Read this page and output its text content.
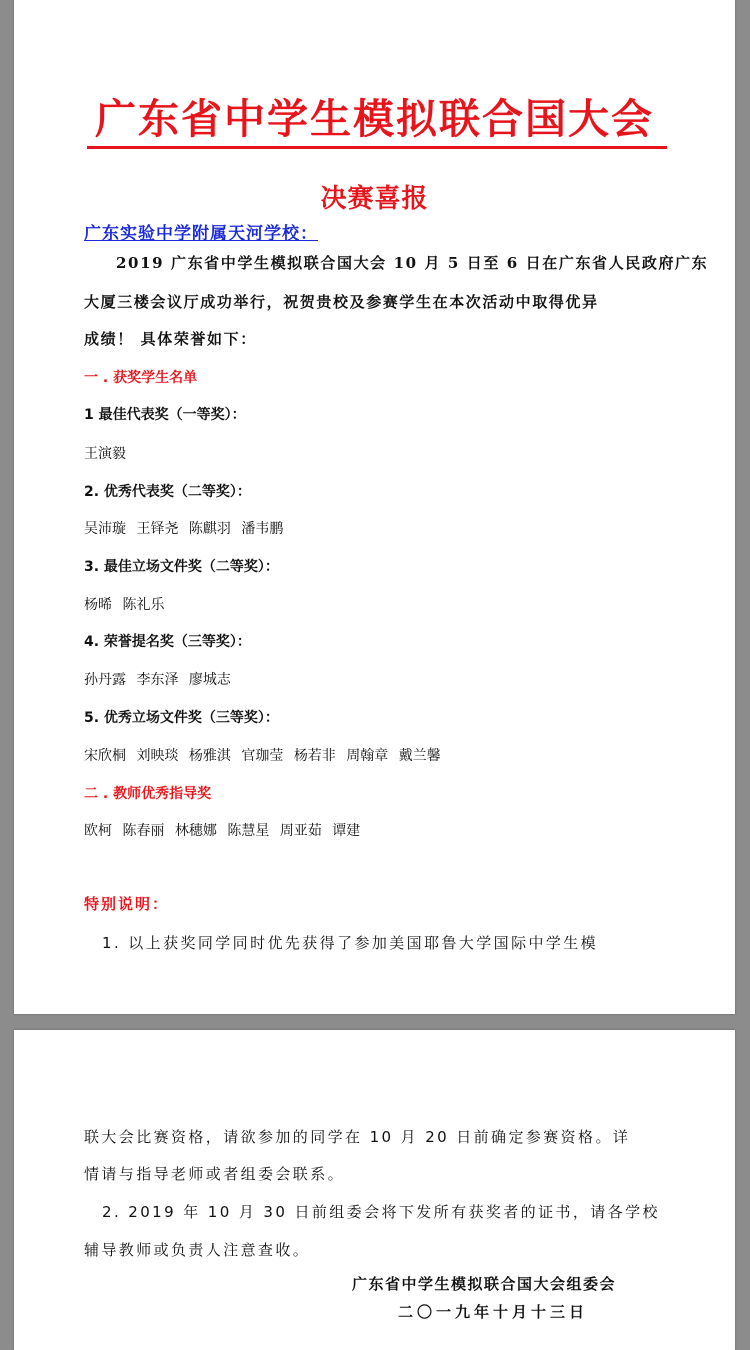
广东省中学生模拟联合国大会
决赛喜报
广东实验中学附属天河学校：
2019 广东省中学生模拟联合国大会 10 月 5 日至 6 日在广东省人民政府广东
大厦三楼会议厅成功举行，祝贺贵校及参赛学生在本次活动中取得优异
成绩！ 具体荣誉如下：
一 . 获奖学生名单
1 最佳代表奖（一等奖）：
王演毅
2. 优秀代表奖（二等奖）：
吴沛璇 王铎尧 陈麒羽 潘韦鹏
3. 最佳立场文件奖（二等奖）：
杨晞 陈礼乐
4. 荣誉提名奖（三等奖）：
孙丹露 李东泽 廖城志
5. 优秀立场文件奖（三等奖）：
宋欣桐 刘映琰 杨雅淇 官珈莹 杨若非 周翰章 戴兰馨
二 . 教师优秀指导奖
欧柯 陈春丽 林穗娜 陈慧星 周亚茹 谭建
特别说明：
1. 以上获奖同学同时优先获得了参加美国耶鲁大学国际中学生模
联大会比赛资格，请欲参加的同学在 10 月 20 日前确定参赛资格。详
情请与指导老师或者组委会联系。
2. 2019 年 10 月 30 日前组委会将下发所有获奖者的证书，请各学校
辅导教师或负责人注意查收。
广东省中学生模拟联合国大会组委会
二〇一九年十月十三日
